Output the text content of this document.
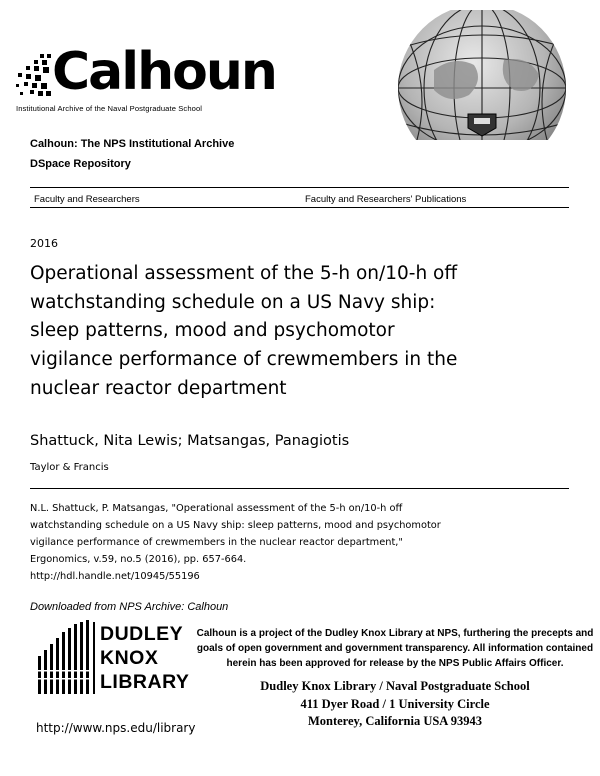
Calhoun
Institutional Archive of the Naval Postgraduate School
Calhoun: The NPS Institutional Archive
DSpace Repository
Faculty and Researchers	Faculty and Researchers' Publications
2016
Operational assessment of the 5-h on/10-h off
watchstanding schedule on a US Navy ship:
sleep patterns, mood and psychomotor
vigilance performance of crewmembers in the
nuclear reactor department
Shattuck, Nita Lewis; Matsangas, Panagiotis
Taylor & Francis
N.L. Shattuck, P. Matsangas, "Operational assessment of the 5-h on/10-h off
watchstanding schedule on a US Navy ship: sleep patterns, mood and psychomotor
vigilance performance of crewmembers in the nuclear reactor department,"
Ergonomics, v.59, no.5 (2016), pp. 657-664.
http://hdl.handle.net/10945/55196
Downloaded from NPS Archive: Calhoun
DUDLEY
KNOX
LIBRARY
Calhoun is a project of the Dudley Knox Library at NPS, furthering the precepts and
goals of open government and government transparency. All information contained
herein has been approved for release by the NPS Public Affairs Officer.
Dudley Knox Library / Naval Postgraduate School
411 Dyer Road / 1 University Circle
Monterey, California USA 93943
http://www.nps.edu/library
